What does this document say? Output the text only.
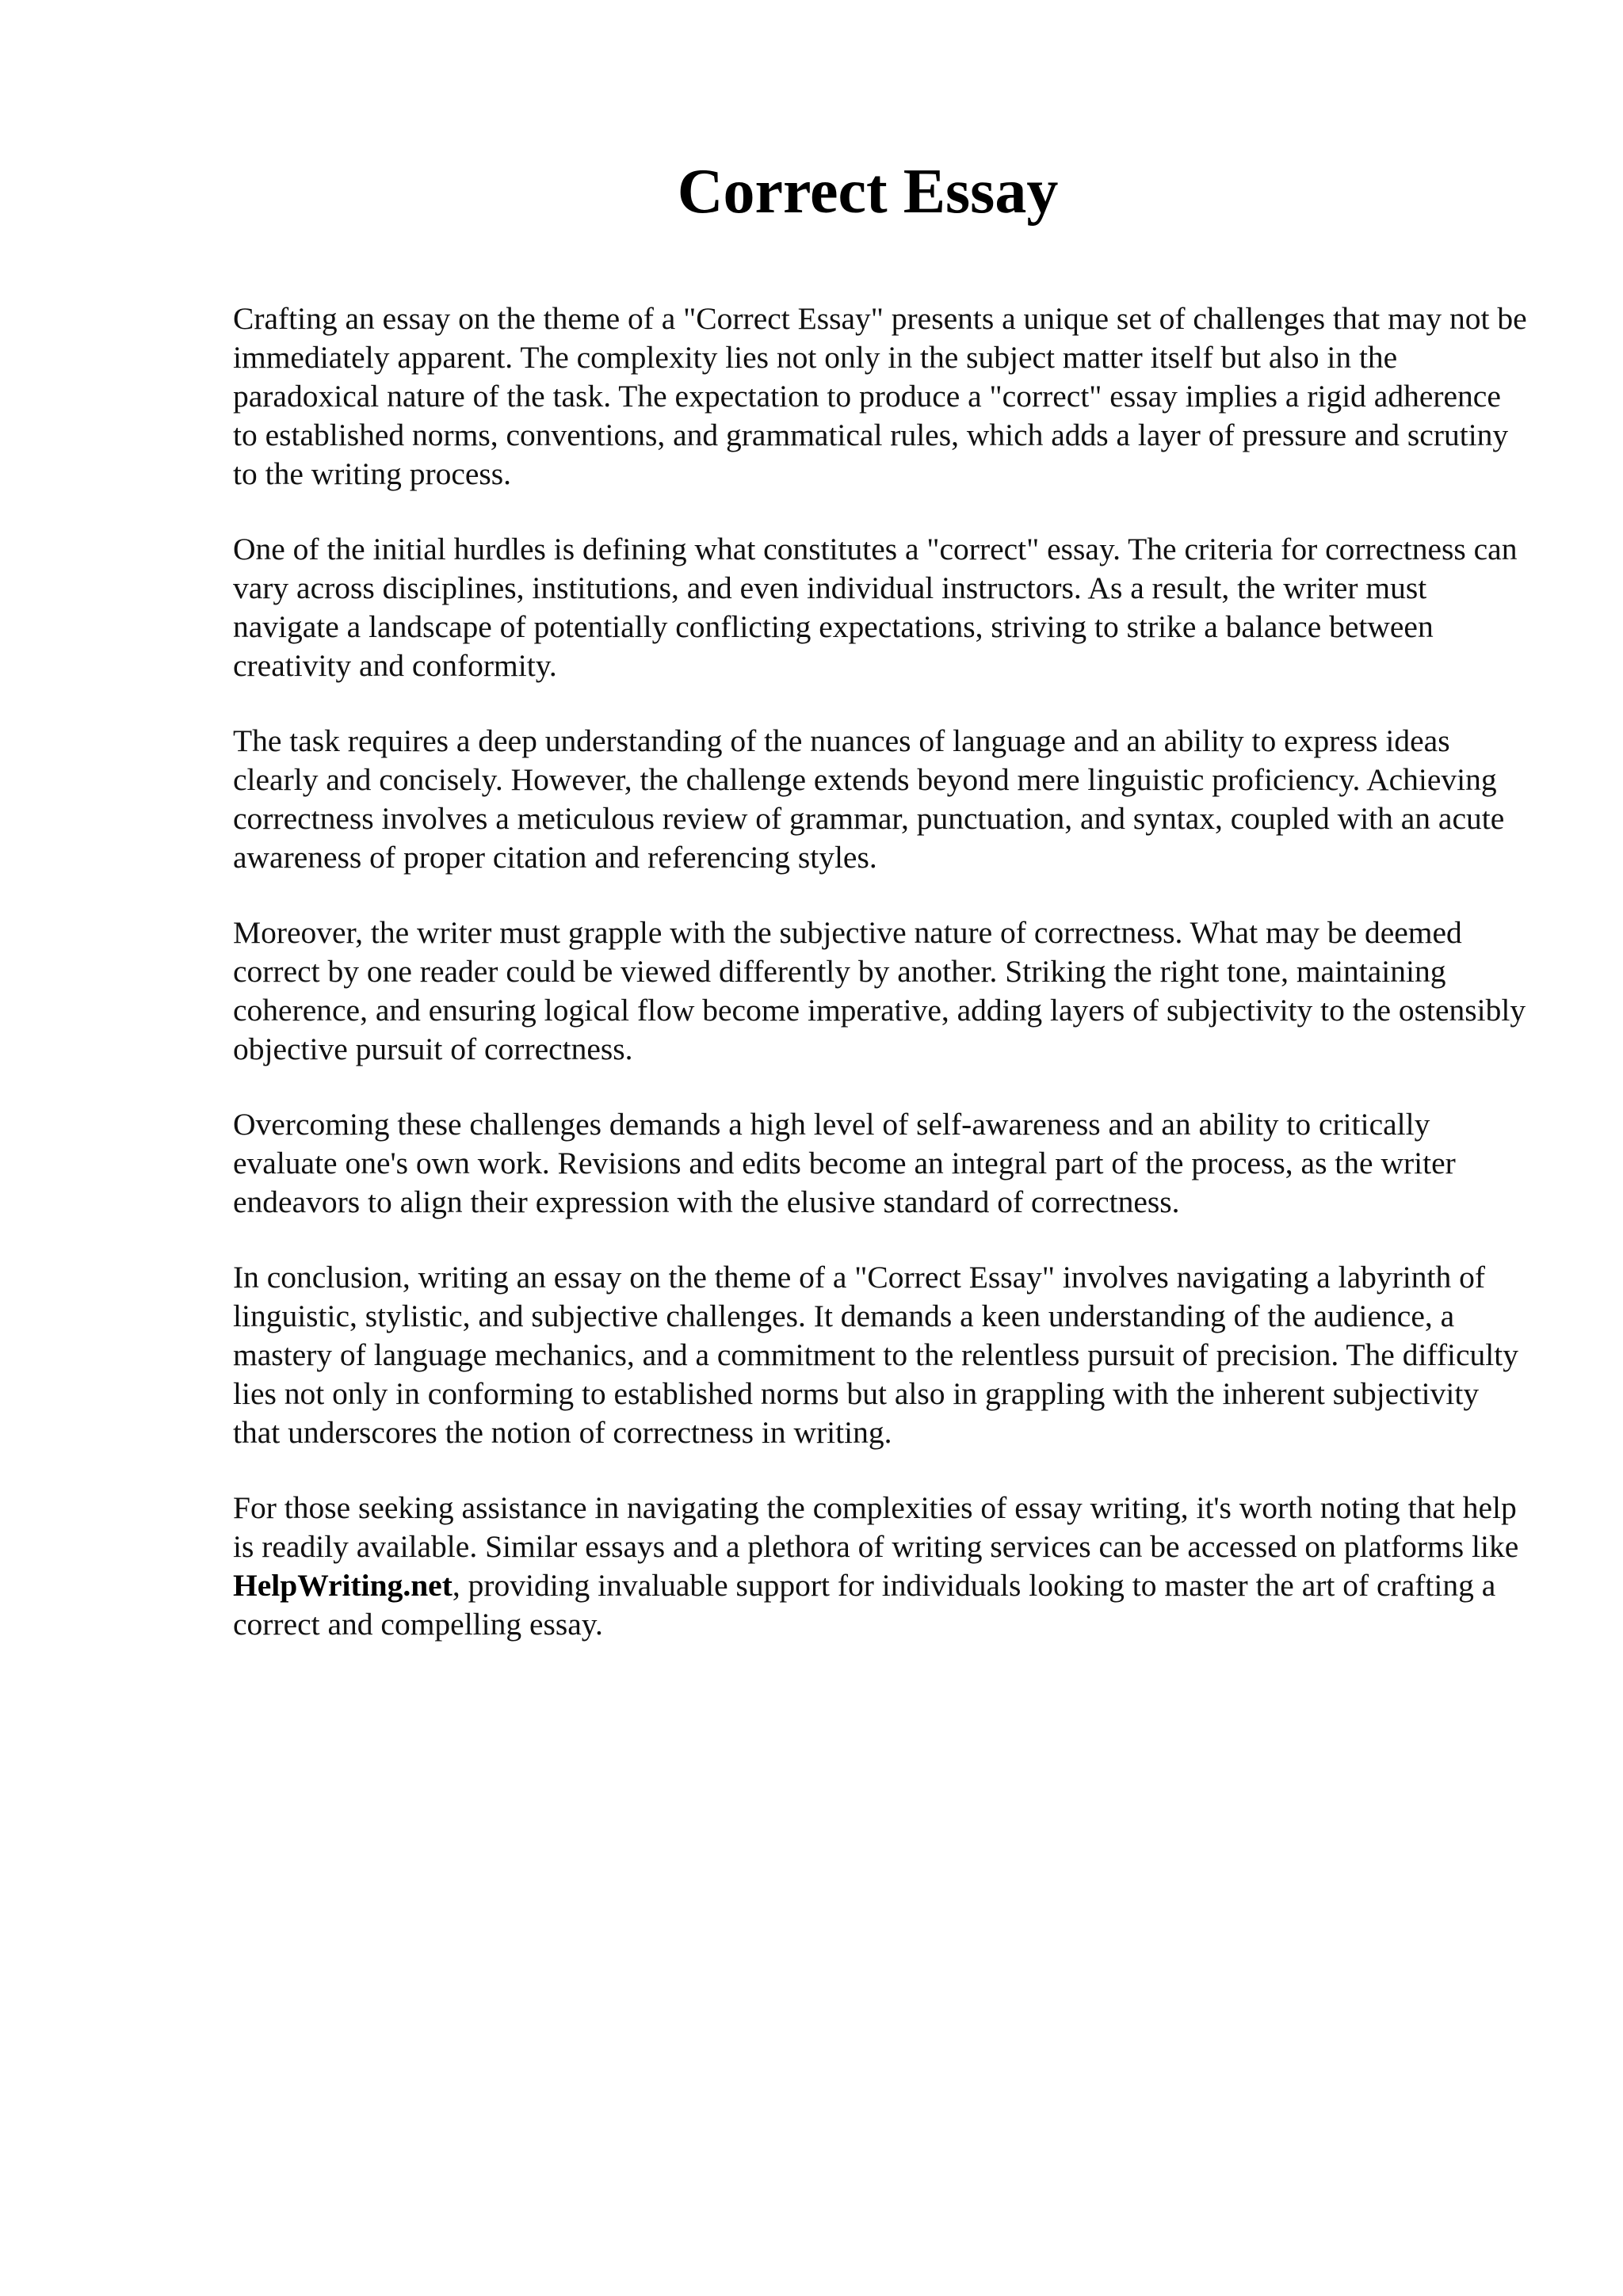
Correct Essay

Crafting an essay on the theme of a "Correct Essay" presents a unique set of challenges that may not be immediately apparent. The complexity lies not only in the subject matter itself but also in the paradoxical nature of the task. The expectation to produce a "correct" essay implies a rigid adherence to established norms, conventions, and grammatical rules, which adds a layer of pressure and scrutiny to the writing process.

One of the initial hurdles is defining what constitutes a "correct" essay. The criteria for correctness can vary across disciplines, institutions, and even individual instructors. As a result, the writer must navigate a landscape of potentially conflicting expectations, striving to strike a balance between creativity and conformity.

The task requires a deep understanding of the nuances of language and an ability to express ideas clearly and concisely. However, the challenge extends beyond mere linguistic proficiency. Achieving correctness involves a meticulous review of grammar, punctuation, and syntax, coupled with an acute awareness of proper citation and referencing styles.

Moreover, the writer must grapple with the subjective nature of correctness. What may be deemed correct by one reader could be viewed differently by another. Striking the right tone, maintaining coherence, and ensuring logical flow become imperative, adding layers of subjectivity to the ostensibly objective pursuit of correctness.

Overcoming these challenges demands a high level of self-awareness and an ability to critically evaluate one's own work. Revisions and edits become an integral part of the process, as the writer endeavors to align their expression with the elusive standard of correctness.

In conclusion, writing an essay on the theme of a "Correct Essay" involves navigating a labyrinth of linguistic, stylistic, and subjective challenges. It demands a keen understanding of the audience, a mastery of language mechanics, and a commitment to the relentless pursuit of precision. The difficulty lies not only in conforming to established norms but also in grappling with the inherent subjectivity that underscores the notion of correctness in writing.

For those seeking assistance in navigating the complexities of essay writing, it's worth noting that help is readily available. Similar essays and a plethora of writing services can be accessed on platforms likeHelpWriting.net, providing invaluable support for individuals looking to master the art of crafting a correct and compelling essay.
